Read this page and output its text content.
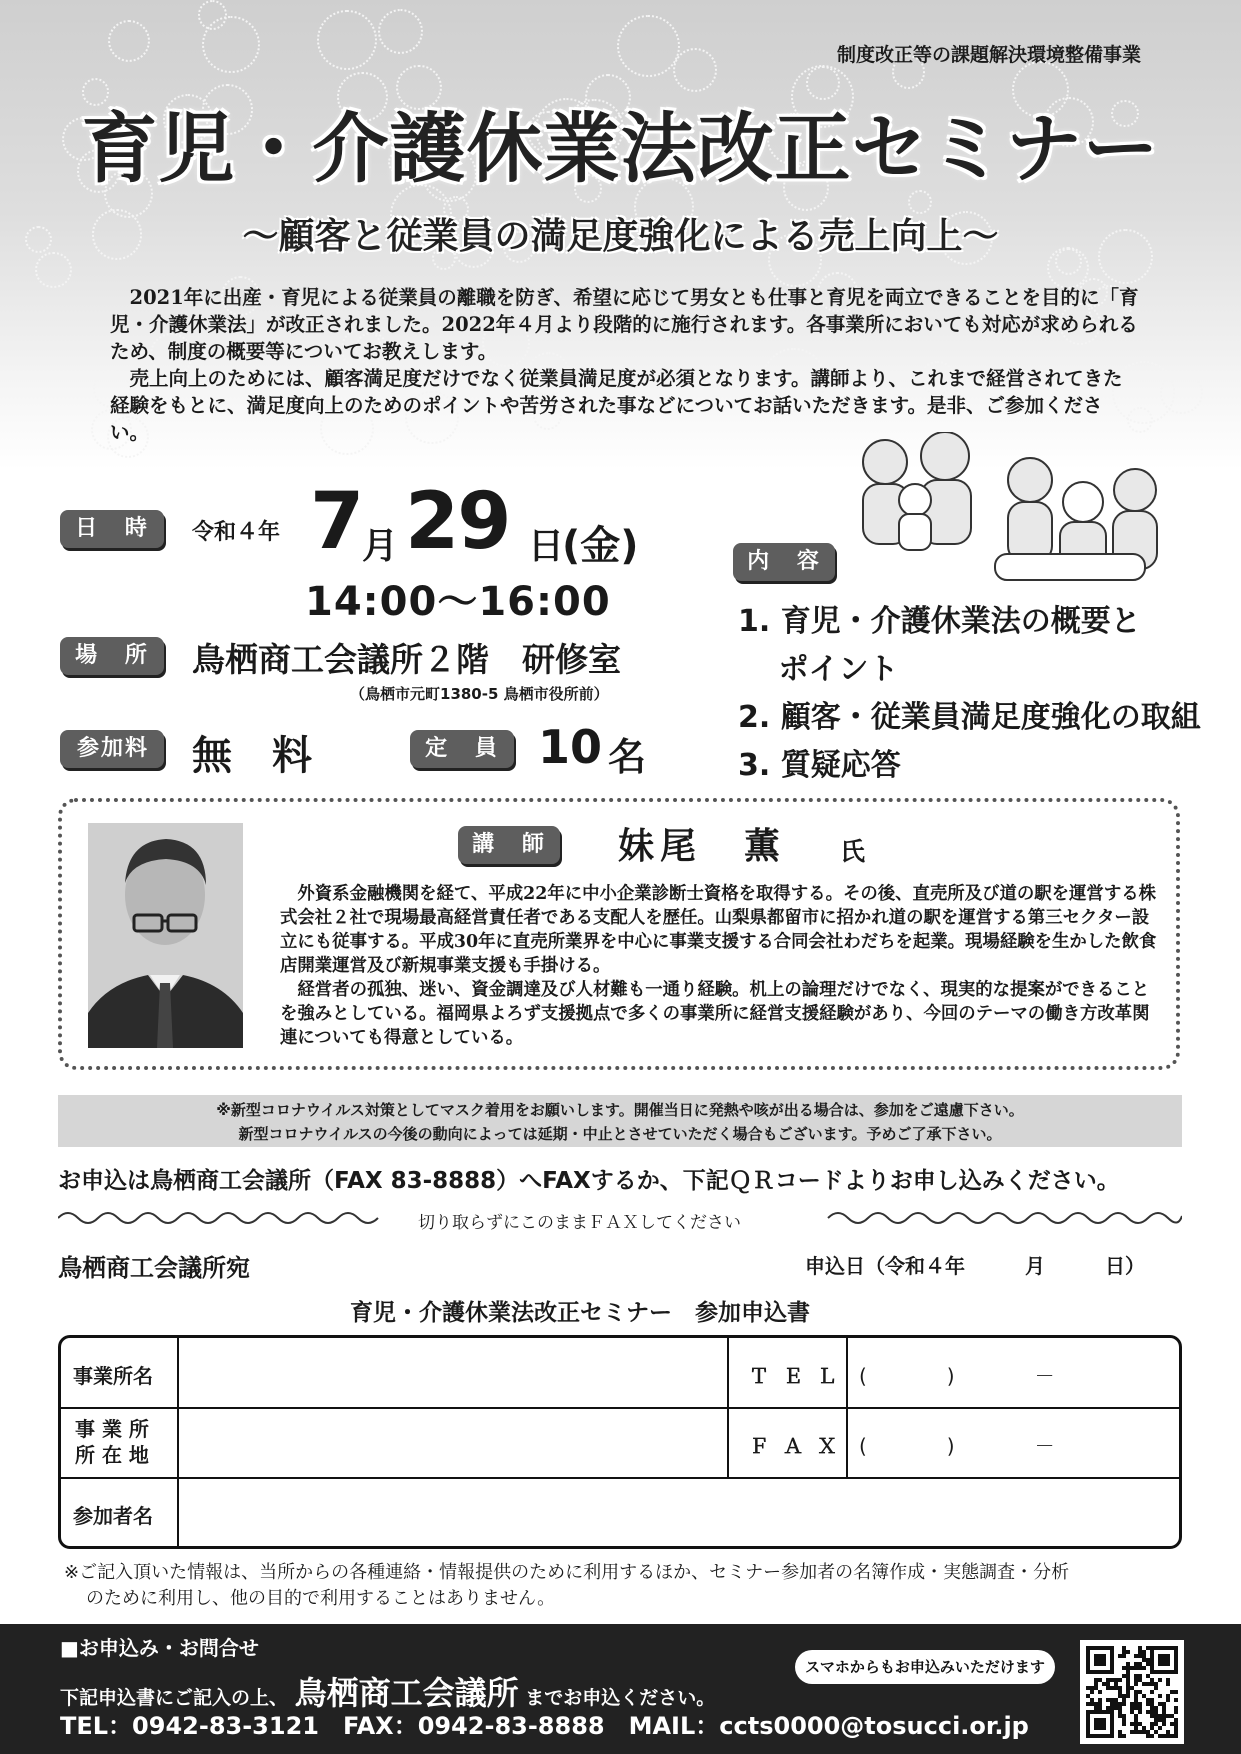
制度改正等の課題解決環境整備事業
育児・介護休業法改正セミナー
～顧客と従業員の満足度強化による売上向上～

2021年に出産・育児による従業員の離職を防ぎ、希望に応じて男女とも仕事と育児を両立できることを目的に「育児・介護休業法」が改正されました。2022年４月より段階的に施行されます。各事業所においても対応が求められるため、制度の概要等についてお教えします。

売上向上のためには、顧客満足度だけでなく従業員満足度が必須となります。講師より、これまで経営されてきた経験をもとに、満足度向上のためのポイントや苦労された事などについてお話いただきます。是非、ご参加ください。

日 時	令和４年 7 月 29 日
(金)
14:00～16:00
場 所 鳥栖商工会議所２階　研修室
（鳥栖市元町1380-5 鳥栖市役所前）
参加料	無　料	定 員 10 名
内 容
1. 育児・介護休業法の概要と
　 ポイント
2. 顧客・従業員満足度強化の取組
3. 質疑応答
講 師 妹尾　薫 氏

外資系金融機関を経て、平成22年に中小企業診断士資格を取得する。その後、直売所及び道の駅を運営する株式会社２社で現場最高経営責任者である支配人を歴任。山梨県都留市に招かれ道の駅を運営する第三セクター設立にも従事する。平成30年に直売所業界を中心に事業支援する合同会社わだちを起業。現場経験を生かした飲食店開業運営及び新規事業支援も手掛ける。

経営者の孤独、迷い、資金調達及び人材難も一通り経験。机上の論理だけでなく、現実的な提案ができることを強みとしている。福岡県よろず支援拠点で多くの事業所に経営支援経験があり、今回のテーマの働き方改革関連についても得意としている。

※新型コロナウイルス対策としてマスク着用をお願いします。開催当日に発熱や咳が出る場合は、参加をご遠慮下さい。
新型コロナウイルスの今後の動向によっては延期・中止とさせていただく場合もございます。予めご了承下さい。
お申込は鳥栖商工会議所（FAX 83-8888）へFAXするか、下記ＱＲコードよりお申し込みください。
切り取らずにこのままＦＡＸしてください
鳥栖商工会議所宛	申込日（令和４年　　　月　　　日）
育児・介護休業法改正セミナー　参加申込書
事業所名	ＴＥＬ (　　　　)　　　　－
事 業 所
所 在 地	ＦＡＸ (　　　　)　　　　－
参加者名
※ご記入頂いた情報は、当所からの各種連絡・情報提供のために利用するほか、セミナー参加者の名簿作成・実態調査・分析
のために利用し、他の目的で利用することはありません。
■お申込み・お問合せ
下記申込書にご記入の上、 鳥栖商工会議所 までお申込ください。
TEL：0942-83-3121　FAX：0942-83-8888　MAIL：ccts0000@tosucci.or.jp
スマホからもお申込みいただけます
